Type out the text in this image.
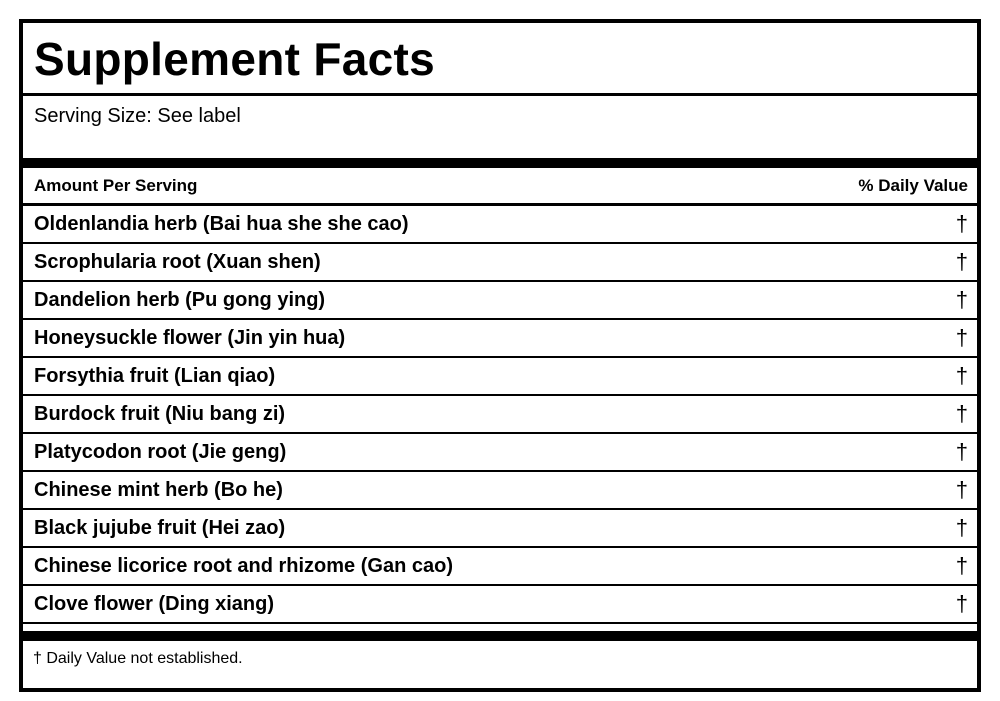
Supplement Facts
Serving Size: See label
Amount Per Serving	% Daily Value
Oldenlandia herb (Bai hua she she cao)	†
Scrophularia root (Xuan shen)	†
Dandelion herb (Pu gong ying)	†
Honeysuckle flower (Jin yin hua)	†
Forsythia fruit (Lian qiao)	†
Burdock fruit (Niu bang zi)	†
Platycodon root (Jie geng)	†
Chinese mint herb (Bo he)	†
Black jujube fruit (Hei zao)	†
Chinese licorice root and rhizome (Gan cao)	†
Clove flower (Ding xiang)	†
† Daily Value not established.
